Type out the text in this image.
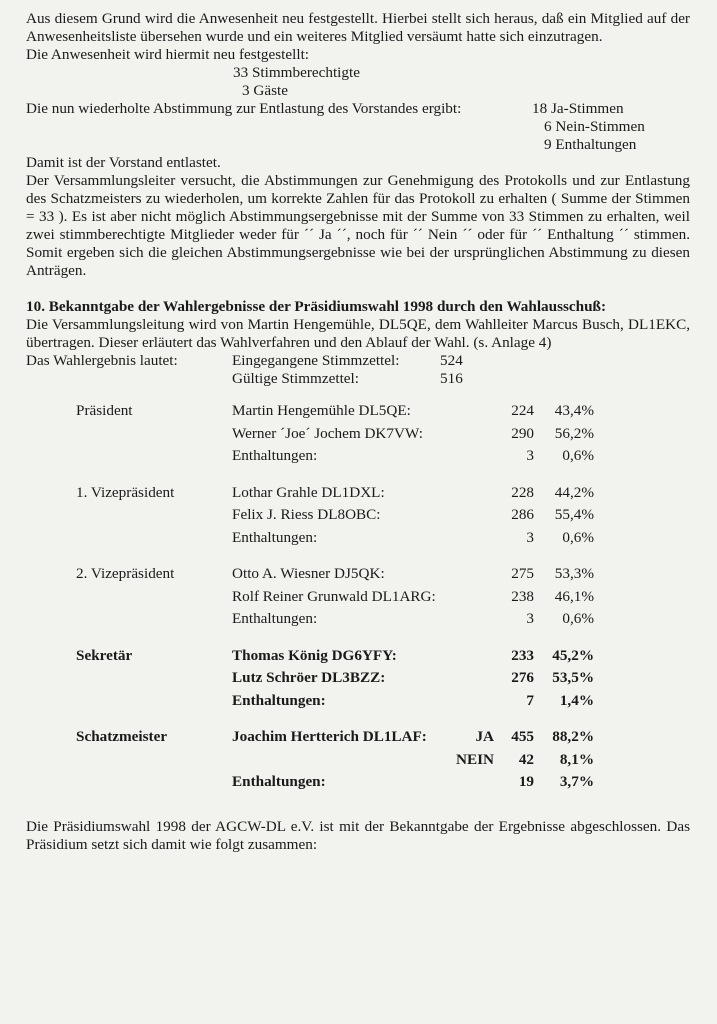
Aus diesem Grund wird die Anwesenheit neu festgestellt. Hierbei stellt sich heraus, daß ein Mitglied auf der Anwesenheitsliste übersehen wurde und ein weiteres Mitglied versäumt hatte sich einzutragen.

Die Anwesenheit wird hiermit neu festgestellt:

33 Stimmberechtigte
3 Gäste
Die nun wiederholte Abstimmung zur Entlastung des Vorstandes ergibt:	18 Ja-Stimmen
6 Nein-Stimmen
9 Enthaltungen

Damit ist der Vorstand entlastet.

Der Versammlungsleiter versucht, die Abstimmungen zur Genehmigung des Protokolls und zur Entlastung des Schatzmeisters zu wiederholen, um korrekte Zahlen für das Protokoll zu erhalten ( Summe der Stimmen = 33 ). Es ist aber nicht möglich Abstimmungsergebnisse mit der Summe von 33 Stimmen zu erhalten, weil zwei stimmberechtigte Mitglieder weder für ´´ Ja ´´, noch für ´´ Nein ´´ oder für ´´ Enthaltung ´´ stimmen. Somit ergeben sich die gleichen Abstimmungsergebnisse wie bei der ursprünglichen Abstimmung zu diesen Anträgen.

10. Bekanntgabe der Wahlergebnisse der Präsidiumswahl 1998 durch den Wahlausschuß:

Die Versammlungsleitung wird von Martin Hengemühle, DL5QE, dem Wahlleiter Marcus Busch, DL1EKC, übertragen. Dieser erläutert das Wahlverfahren und den Ablauf der Wahl. (s. Anlage 4)

Das Wahlergebnis lautet:	Eingegangene Stimmzettel:	524
Gültige Stimmzettel:	516
Präsident	Martin Hengemühle DL5QE:	224	43,4%
Werner ´Joe´ Jochem DK7VW:	290	56,2%
Enthaltungen:	3	0,6%
1. Vizepräsident	Lothar Grahle DL1DXL:	228	44,2%
Felix J. Riess DL8OBC:	286	55,4%
Enthaltungen:	3	0,6%
2. Vizepräsident	Otto A. Wiesner DJ5QK:	275	53,3%
Rolf Reiner Grunwald DL1ARG:	238	46,1%
Enthaltungen:	3	0,6%
Sekretär	Thomas König DG6YFY:	233	45,2%
Lutz Schröer DL3BZZ:	276	53,5%
Enthaltungen:	7	1,4%
Schatzmeister	Joachim Hertterich DL1LAF:	JA	455	88,2%
NEIN	42	8,1%
Enthaltungen:	19	3,7%

Die Präsidiumswahl 1998 der AGCW-DL e.V. ist mit der Bekanntgabe der Ergebnisse abgeschlossen. Das Präsidium setzt sich damit wie folgt zusammen:
